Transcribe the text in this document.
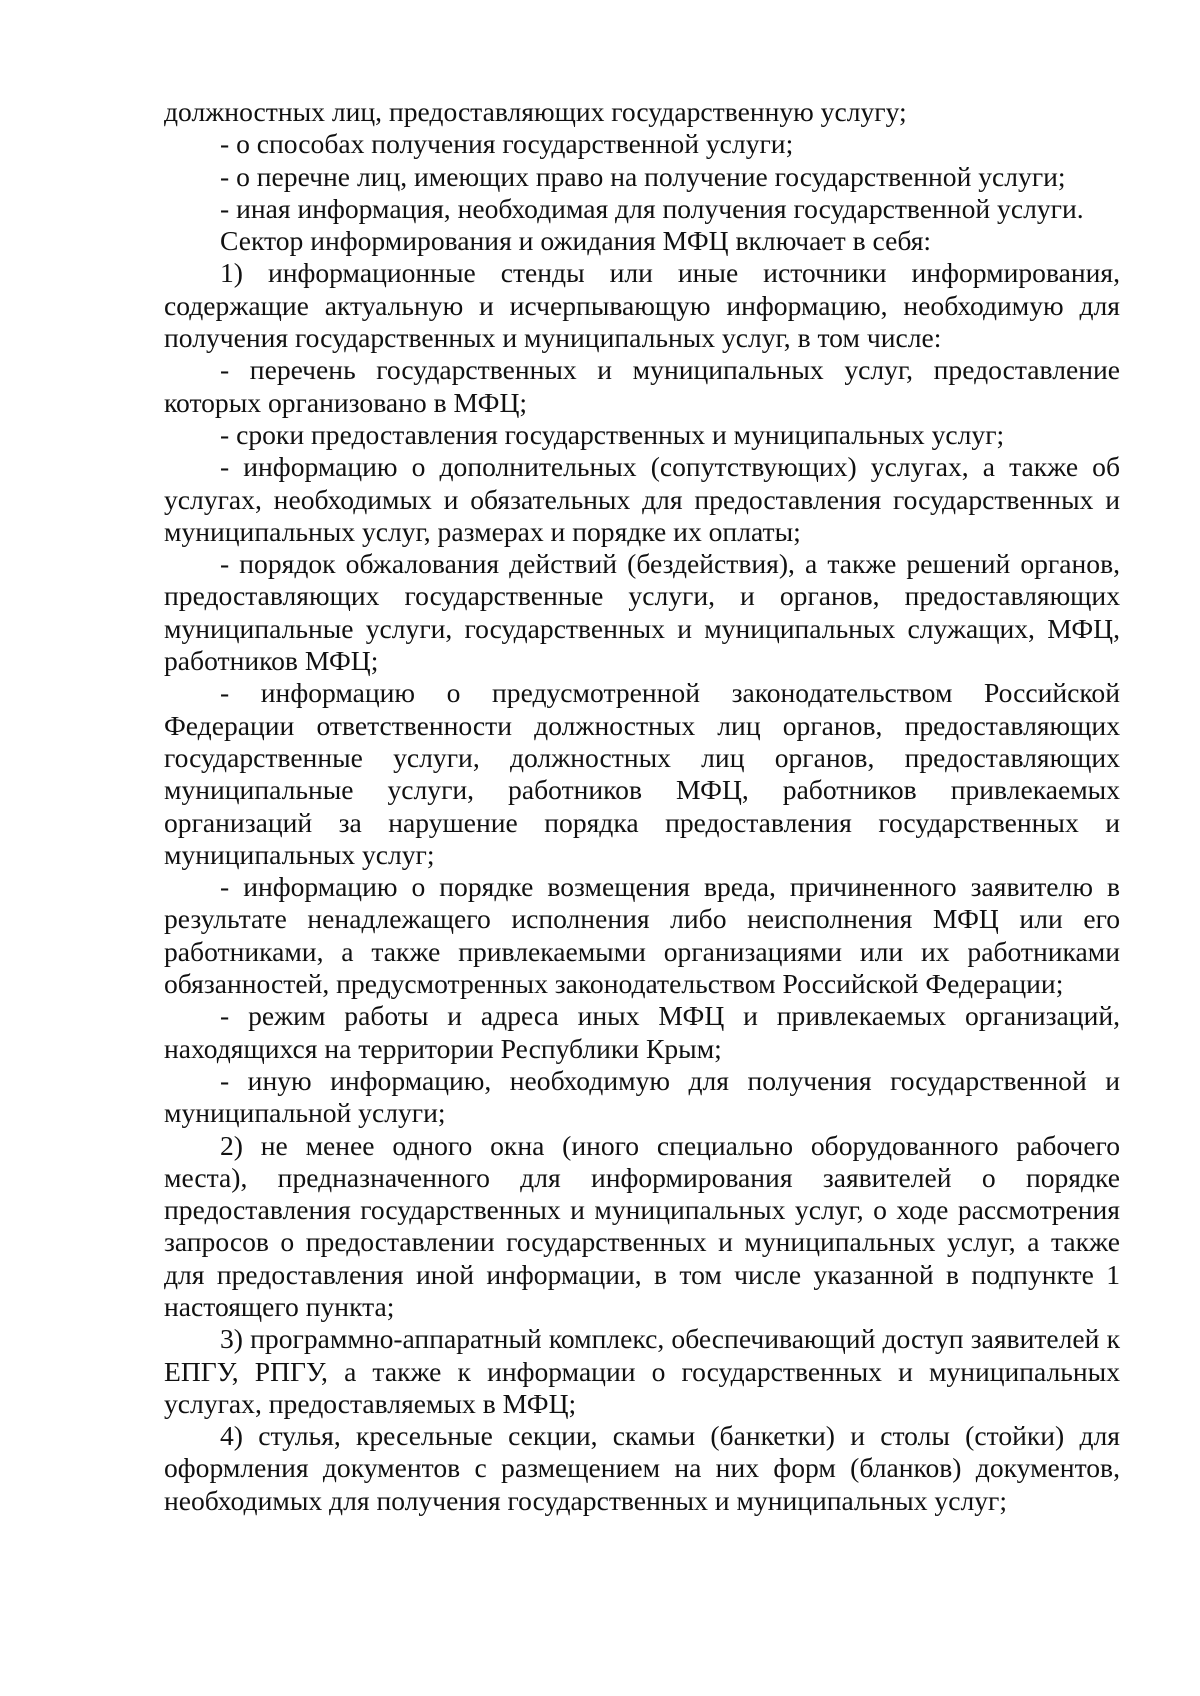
должностных лиц, предоставляющих государственную услугу;

- о способах получения государственной услуги;

- о перечне лиц, имеющих право на получение государственной услуги;

- иная информация, необходимая для получения государственной услуги.

Сектор информирования и ожидания МФЦ включает в себя:

1) информационные стенды или иные источники информирования, содержащие актуальную и исчерпывающую информацию, необходимую для получения государственных и муниципальных услуг, в том числе:

- перечень государственных и муниципальных услуг, предоставление которых организовано в МФЦ;

- сроки предоставления государственных и муниципальных услуг;

- информацию о дополнительных (сопутствующих) услугах, а также об услугах, необходимых и обязательных для предоставления государственных и муниципальных услуг, размерах и порядке их оплаты;

- порядок обжалования действий (бездействия), а также решений органов, предоставляющих государственные услуги, и органов, предоставляющих муниципальные услуги, государственных и муниципальных служащих, МФЦ, работников МФЦ;

- информацию о предусмотренной законодательством Российской Федерации ответственности должностных лиц органов, предоставляющих государственные услуги, должностных лиц органов, предоставляющих муниципальные услуги, работников МФЦ, работников привлекаемых организаций за нарушение порядка предоставления государственных и муниципальных услуг;

- информацию о порядке возмещения вреда, причиненного заявителю в результате ненадлежащего исполнения либо неисполнения МФЦ или его работниками, а также привлекаемыми организациями или их работниками обязанностей, предусмотренных законодательством Российской Федерации;

- режим работы и адреса иных МФЦ и привлекаемых организаций, находящихся на территории Республики Крым;

- иную информацию, необходимую для получения государственной и муниципальной услуги;

2) не менее одного окна (иного специально оборудованного рабочего места), предназначенного для информирования заявителей о порядке предоставления государственных и муниципальных услуг, о ходе рассмотрения запросов о предоставлении государственных и муниципальных услуг, а также для предоставления иной информации, в том числе указанной в подпункте 1 настоящего пункта;

3) программно-аппаратный комплекс, обеспечивающий доступ заявителей к ЕПГУ, РПГУ, а также к информации о государственных и муниципальных услугах, предоставляемых в МФЦ;

4) стулья, кресельные секции, скамьи (банкетки) и столы (стойки) для оформления документов с размещением на них форм (бланков) документов, необходимых для получения государственных и муниципальных услуг;
